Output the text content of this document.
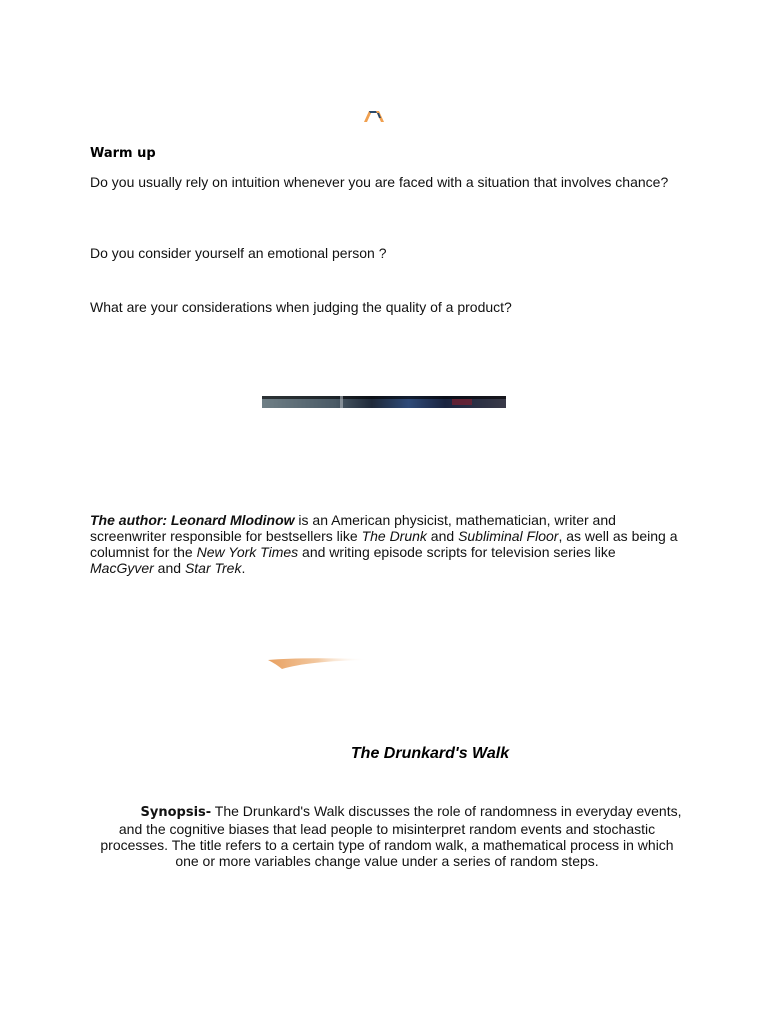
Warm up
Do you usually rely on intuition whenever you are faced with a situation that involves chance?
Do you consider yourself an emotional person ?
What are your considerations when judging the quality of a product?
The author: Leonard Mlodinow is an American physicist, mathematician, writer and screenwriter responsible for bestsellers like The Drunk and Subliminal Floor, as well as being a columnist for the New York Times and writing episode scripts for television series like MacGyver and Star Trek.
The Drunkard's Walk
Synopsis- The Drunkard's Walk discusses the role of randomness in everyday events, and the cognitive biases that lead people to misinterpret random events and stochastic processes. The title refers to a certain type of random walk, a mathematical process in which one or more variables change value under a series of random steps.
